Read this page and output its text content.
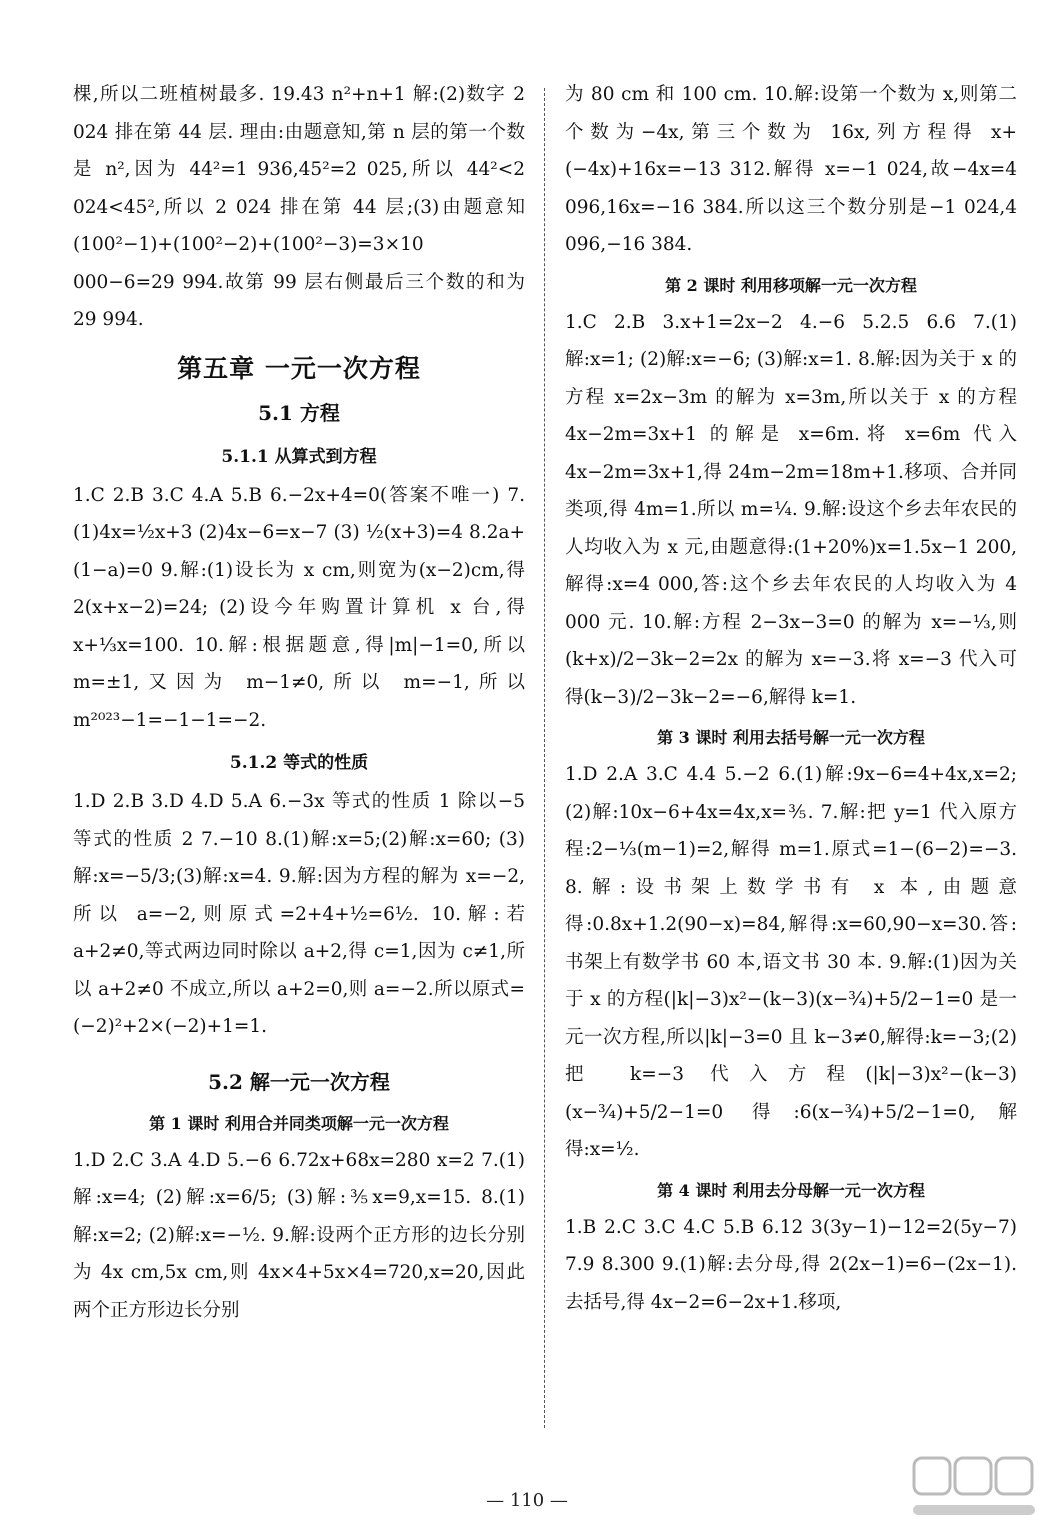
棵,所以二班植树最多. 19.43 n²+n+1 解:(2)数字 2 024 排在第 44 层. 理由:由题意知,第 n 层的第一个数是 n²,因为 44²=1 936,45²=2 025,所以 44²<2 024<45²,所以 2 024 排在第 44 层;(3)由题意知(100²−1)+(100²−2)+(100²−3)=3×10 000−6=29 994.故第 99 层右侧最后三个数的和为 29 994.

第五章 一元一次方程
5.1 方程
5.1.1 从算式到方程

1.C 2.B 3.C 4.A 5.B 6.−2x+4=0(答案不唯一) 7.(1)4x=½x+3 (2)4x−6=x−7 (3) ½(x+3)=4 8.2a+(1−a)=0 9.解:(1)设长为 x cm,则宽为(x−2)cm,得 2(x+x−2)=24; (2)设今年购置计算机 x 台,得 x+⅓x=100. 10.解:根据题意,得|m|−1=0,所以 m=±1,又因为 m−1≠0,所以 m=−1,所以 m²⁰²³−1=−1−1=−2.

5.1.2 等式的性质

1.D 2.B 3.D 4.D 5.A 6.−3x 等式的性质 1 除以−5 等式的性质 2 7.−10 8.(1)解:x=5;(2)解:x=60; (3)解:x=−5/3;(3)解:x=4. 9.解:因为方程的解为 x=−2,所以 a=−2,则原式=2+4+½=6½. 10.解:若 a+2≠0,等式两边同时除以 a+2,得 c=1,因为 c≠1,所以 a+2≠0 不成立,所以 a+2=0,则 a=−2.所以原式=(−2)²+2×(−2)+1=1.

5.2 解一元一次方程
第 1 课时 利用合并同类项解一元一次方程

1.D 2.C 3.A 4.D 5.−6 6.72x+68x=280 x=2 7.(1)解:x=4; (2)解:x=6/5; (3)解:⅗x=9,x=15. 8.(1)解:x=2; (2)解:x=−½. 9.解:设两个正方形的边长分别为 4x cm,5x cm,则 4x×4+5x×4=720,x=20,因此两个正方形边长分别

为 80 cm 和 100 cm. 10.解:设第一个数为 x,则第二个数为−4x,第三个数为 16x,列方程得 x+(−4x)+16x=−13 312.解得 x=−1 024,故−4x=4 096,16x=−16 384.所以这三个数分别是−1 024,4 096,−16 384.

第 2 课时 利用移项解一元一次方程

1.C 2.B 3.x+1=2x−2 4.−6 5.2.5 6.6 7.(1)解:x=1; (2)解:x=−6; (3)解:x=1. 8.解:因为关于 x 的方程 x=2x−3m 的解为 x=3m,所以关于 x 的方程 4x−2m=3x+1 的解是 x=6m.将 x=6m 代入 4x−2m=3x+1,得 24m−2m=18m+1.移项、合并同类项,得 4m=1.所以 m=¼. 9.解:设这个乡去年农民的人均收入为 x 元,由题意得:(1+20%)x=1.5x−1 200,解得:x=4 000,答:这个乡去年农民的人均收入为 4 000 元. 10.解:方程 2−3x−3=0 的解为 x=−⅓,则(k+x)/2−3k−2=2x 的解为 x=−3.将 x=−3 代入可得(k−3)/2−3k−2=−6,解得 k=1.

第 3 课时 利用去括号解一元一次方程

1.D 2.A 3.C 4.4 5.−2 6.(1)解:9x−6=4+4x,x=2; (2)解:10x−6+4x=4x,x=⅗. 7.解:把 y=1 代入原方程:2−⅓(m−1)=2,解得 m=1.原式=1−(6−2)=−3. 8.解:设书架上数学书有 x 本,由题意得:0.8x+1.2(90−x)=84,解得:x=60,90−x=30.答:书架上有数学书 60 本,语文书 30 本. 9.解:(1)因为关于 x 的方程(|k|−3)x²−(k−3)(x−¾)+5/2−1=0 是一元一次方程,所以|k|−3=0 且 k−3≠0,解得:k=−3;(2)把 k=−3 代入方程(|k|−3)x²−(k−3)(x−¾)+5/2−1=0 得:6(x−¾)+5/2−1=0,解得:x=½.

第 4 课时 利用去分母解一元一次方程

1.B 2.C 3.C 4.C 5.B 6.12 3(3y−1)−12=2(5y−7) 7.9 8.300 9.(1)解:去分母,得 2(2x−1)=6−(2x−1).去括号,得 4x−2=6−2x+1.移项,

— 110 —
